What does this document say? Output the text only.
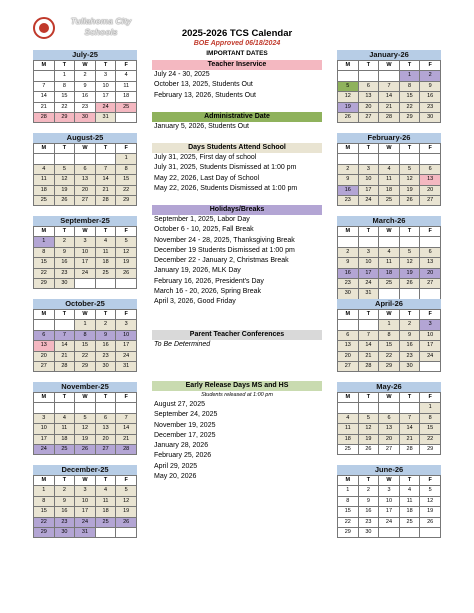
Tullahoma City
Schools	2025-2026 TCS Calendar
BOE Approved 06/18/2024
IMPORTANT DATES
July-25
M	T	W	T	F
	1	2	3	4
7	8	9	10	11
14	15	16	17	18
21	22	23	24	25
28	29	30	31	
August-25
M	T	W	T	F
				1
4	5	6	7	8
11	12	13	14	15
18	19	20	21	22
25	26	27	28	29
September-25
M	T	W	T	F
1	2	3	4	5
8	9	10	11	12
15	16	17	18	19
22	23	24	25	26
29	30			
October-25
M	T	W	T	F
		1	2	3
6	7	8	9	10
13	14	15	16	17
20	21	22	23	24
27	28	29	30	31
November-25
M	T	W	T	F

3	4	5	6	7
10	11	12	13	14
17	18	19	20	21
24	25	26	27	28
December-25
M	T	W	T	F
1	2	3	4	5
8	9	10	11	12
15	16	17	18	19
22	23	24	25	26
29	30	31		
January-26
M	T	W	T	F
			1	2
5	6	7	8	9
12	13	14	15	16
19	20	21	22	23
26	27	28	29	30
February-26
M	T	W	T	F

2	3	4	5	6
9	10	11	12	13
16	17	18	19	20
23	24	25	26	27
March-26
M	T	W	T	F

2	3	4	5	6
9	10	11	12	13
16	17	18	19	20
23	24	25	26	27
30	31			
April-26
M	T	W	T	F
		1	2	3
6	7	8	9	10
13	14	15	16	17
20	21	22	23	24
27	28	29	30	
May-26
M	T	W	T	F
				1
4	5	6	7	8
11	12	13	14	15
18	19	20	21	22
25	26	27	28	29
June-26
M	T	W	T	F
1	2	3	4	5
8	9	10	11	12
15	16	17	18	19
22	23	24	25	26
29	30			
Teacher Inservice
July 24 - 30, 2025
October 13, 2025, Students Out
February 13, 2026, Students Out
Administrative Date
January 5, 2026, Students Out
Days Students Attend School
July 31, 2025, First day of school
July 31, 2025, Students Dismissed at 1:00 pm
May 22, 2026, Last Day of School
May 22, 2026, Students Dismissed at 1:00 pm
Holidays/Breaks
September 1, 2025, Labor Day
October 6 - 10, 2025, Fall Break
November 24 - 28, 2025, Thanksgiving Break
December 19 Students Dismissed at 1:00 pm
December 22 - January 2, Christmas Break
January 19, 2026, MLK Day
February 16, 2026, President's Day
March 16 - 20, 2026, Spring Break
April 3, 2026, Good Friday
Parent Teacher Conferences
To Be Determined
Early Release Days MS and HS
Students released at 1:00 pm
August 27, 2025
September 24, 2025
November 19, 2025
December 17, 2025
January 28, 2026
February 25, 2026
April 29, 2025
May 20, 2026
